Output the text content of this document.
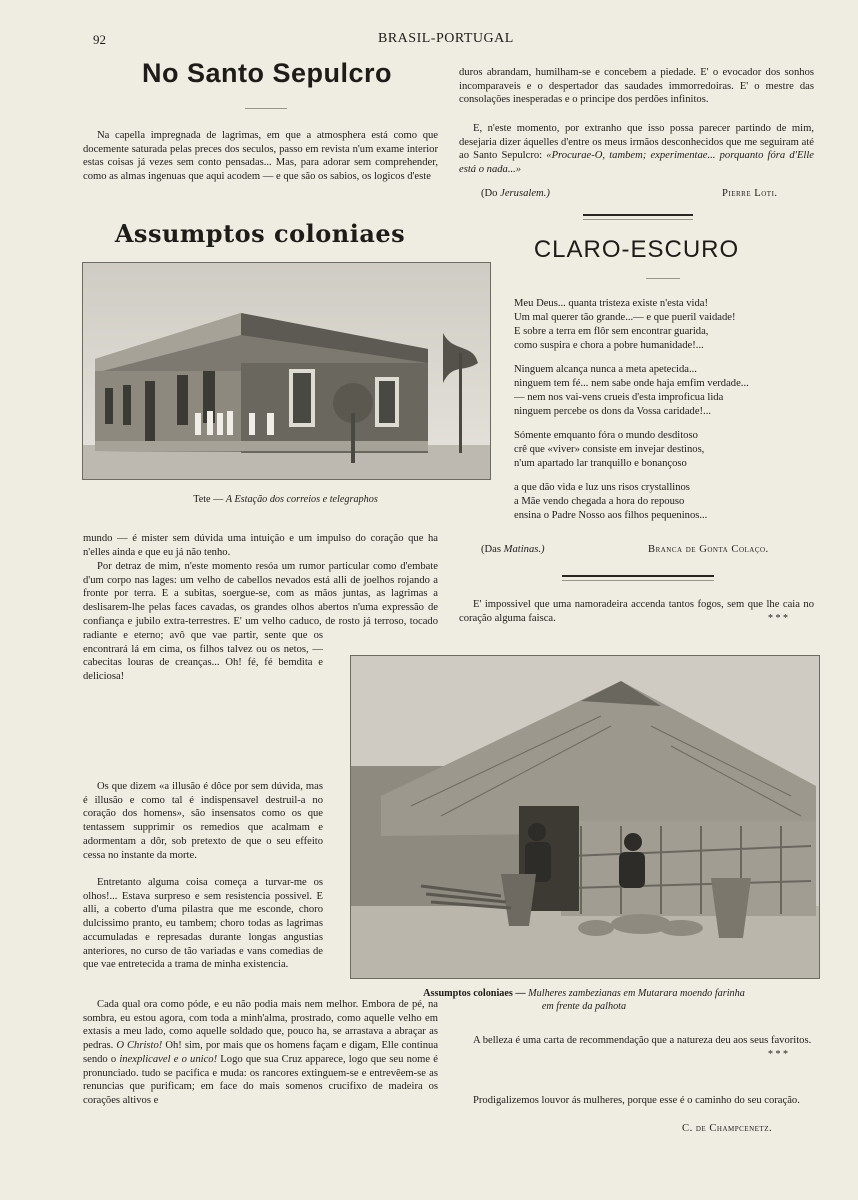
92	BRASIL-PORTUGAL
No Santo Sepulcro
Na capella impregnada de lagrimas, em que a atmosphera está como que docemente saturada pelas preces dos seculos, passo em revista n'um exame interior estas coisas já vezes sem conto pensadas... Mas, para adorar sem comprehender, como as almas ingenuas que aqui acodem — e que são os sabios, os logicos d'este
Assumptos coloniaes
Tete — A Estação dos correios e telegraphos
mundo — é mister sem dúvida uma intuição e um impulso do coração que ha n'elles ainda e que eu já não tenho.
Por detraz de mim, n'este momento resóa um rumor particular como d'embate d'um corpo nas lages: um velho de cabellos nevados está alli de joelhos rojando a fronte por terra. E a subitas, soergue-se, com as mãos juntas, as lagrimas a deslisarem-lhe pelas faces cavadas, os grandes olhos abertos n'uma expressão de confiança e jubilo extra-terrestres. E' um velho caduco, de rosto já terroso, tocado
radiante e eterno; avô que vae partir, sente que os encontrará lá em cima, os filhos talvez ou os netos, — cabecitas louras de creanças... Oh! fé, fé bemdita e deliciosa!
Os que dizem «a illusão é dôce por sem dúvida, mas é illusão e como tal é indispensavel destruil-a no coração dos homens», são insensatos como os que tentassem supprimir os remedios que acalmam e adormentam a dôr, sob pretexto de que o seu effeito cessa no instante da morte.
Entretanto alguma coisa começa a turvar-me os olhos!... Estava surpreso e sem resistencia possivel. E alli, a coberto d'uma pilastra que me esconde, choro dulcissimo pranto, eu tambem; choro todas as lagrimas accumuladas e represadas durante longas angustias anteriores, no curso de tão variadas e vans comedias de que vae entretecida a trama de minha existencia.
Cada qual ora como póde, e eu não podia mais nem melhor. Embora de pé, na sombra, eu estou agora, com toda a minh'alma, prostrado, como aquelle velho em extasis a meu lado, como aquelle soldado que, pouco ha, se arrastava a abraçar as pedras. O Christo! Oh! sim, por mais que os homens façam e digam, Elle continua sendo o inexplicavel e o unico! Logo que sua Cruz apparece, logo que seu nome é pronunciado. tudo se pacifica e muda: os rancores extinguem-se e entrevêem-se as renuncias que purificam; em face do mais somenos crucifixo de madeira os corações altivos e
duros abrandam, humilham-se e concebem a piedade. E' o evocador dos sonhos incomparaveis e o despertador das saudades immorredoiras. E' o mestre das consolações inesperadas e o principe dos perdões infinitos.
E, n'este momento, por extranho que isso possa parecer partindo de mim, desejaria dizer áquelles d'entre os meus irmãos desconhecidos que me seguiram até ao Santo Sepulcro: «Procurae-O, tambem; experimentae... porquanto fóra d'Elle está o nada...»
(Do Jerusalem.)	Pierre Loti.
CLARO-ESCURO

Meu Deus... quanta tristeza existe n'esta vida!

Um mal querer tão grande...— e que pueril vaidade!

E sobre a terra em flôr sem encontrar guarida,

como suspira e chora a pobre humanidade!...

Ninguem alcança nunca a meta apetecida...

ninguem tem fé... nem sabe onde haja emfim verdade...

— nem nos vai-vens crueis d'esta improficua lida

ninguem percebe os dons da Vossa caridade!...

Sómente emquanto fóra o mundo desditoso

crê que «viver» consiste em invejar destinos,

n'um apartado lar tranquillo e bonançoso

a que dão vida e luz uns risos crystallinos

a Mãe vendo chegada a hora do repouso

ensina o Padre Nosso aos filhos pequeninos...

(Das Matinas.)	Branca de Gonta Colaço.
E' impossivel que uma namoradeira accenda tantos fogos, sem que lhe caia no coração alguma faisca.	* * *
Assumptos coloniaes — Mulheres zambezianas em Mutarara moendo farinha
em frente da palhota
A belleza é uma carta de recommendação que a natureza deu aos seus favoritos.
* * *
Prodigalizemos louvor ás mulheres, porque esse é o caminho do seu coração.
C. de Champcenetz.
